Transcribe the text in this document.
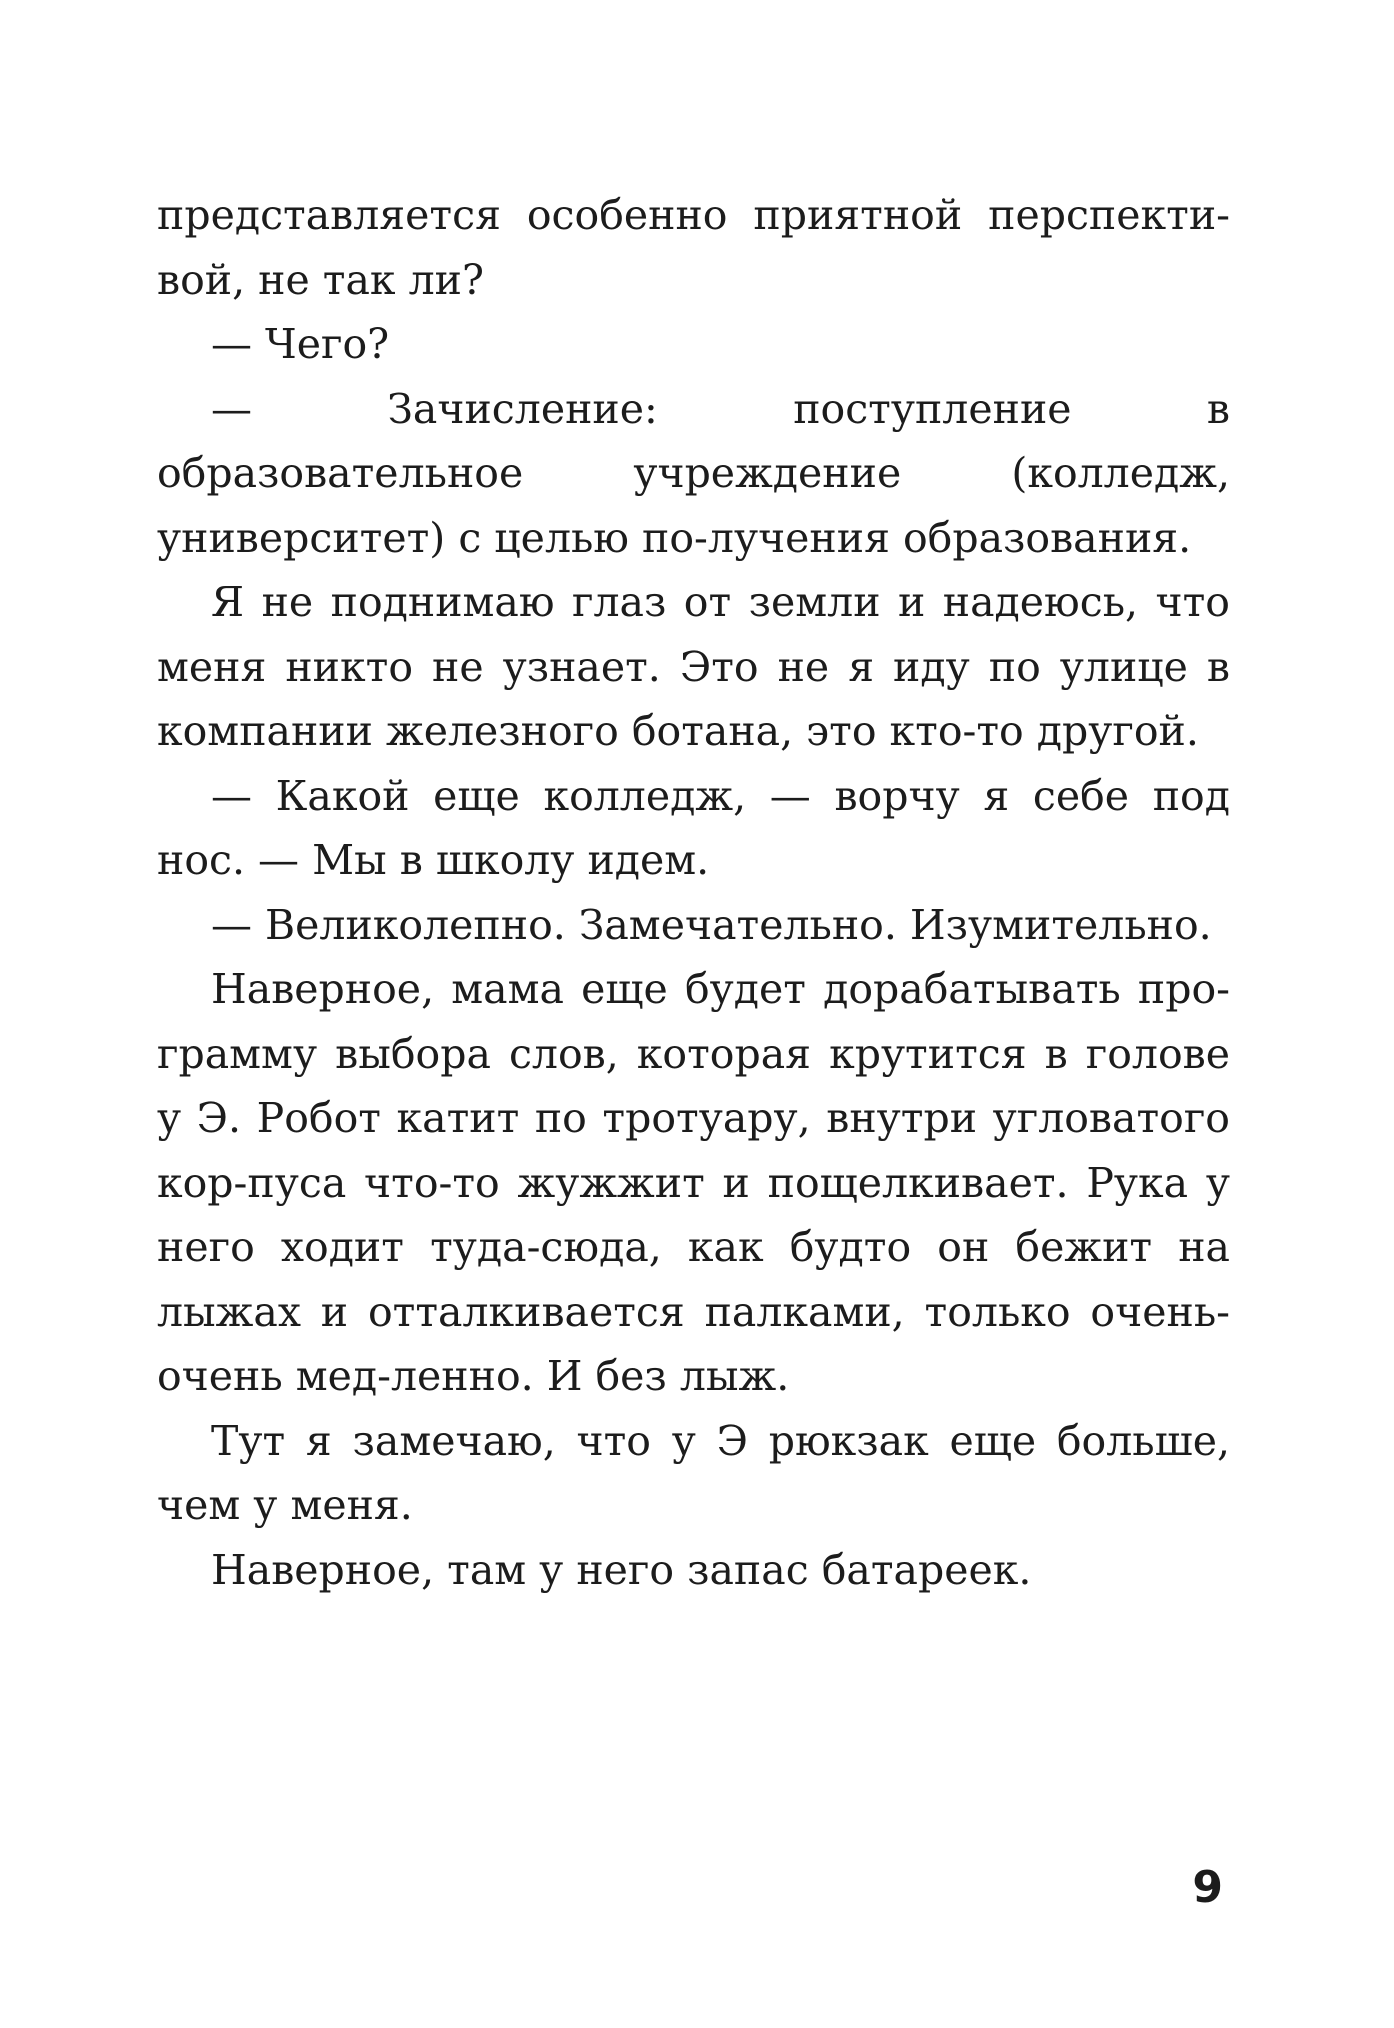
представляется особенно приятной перспекти-вой, не так ли?

— Чего?

— Зачисление: поступление в образовательное учреждение (колледж, университет) с целью по-лучения образования.

Я не поднимаю глаз от земли и надеюсь, что меня никто не узнает. Это не я иду по улице в компании железного ботана, это кто-то другой.

— Какой еще колледж, — ворчу я себе под нос. — Мы в школу идем.

— Великолепно. Замечательно. Изумительно.

Наверное, мама еще будет дорабатывать про-грамму выбора слов, которая крутится в голове у Э. Робот катит по тротуару, внутри угловатого кор-пуса что-то жужжит и пощелкивает. Рука у него ходит туда-сюда, как будто он бежит на лыжах и отталкивается палками, только очень-очень мед-ленно. И без лыж.

Тут я замечаю, что у Э рюкзак еще больше, чем у меня.

Наверное, там у него запас батареек.

9
